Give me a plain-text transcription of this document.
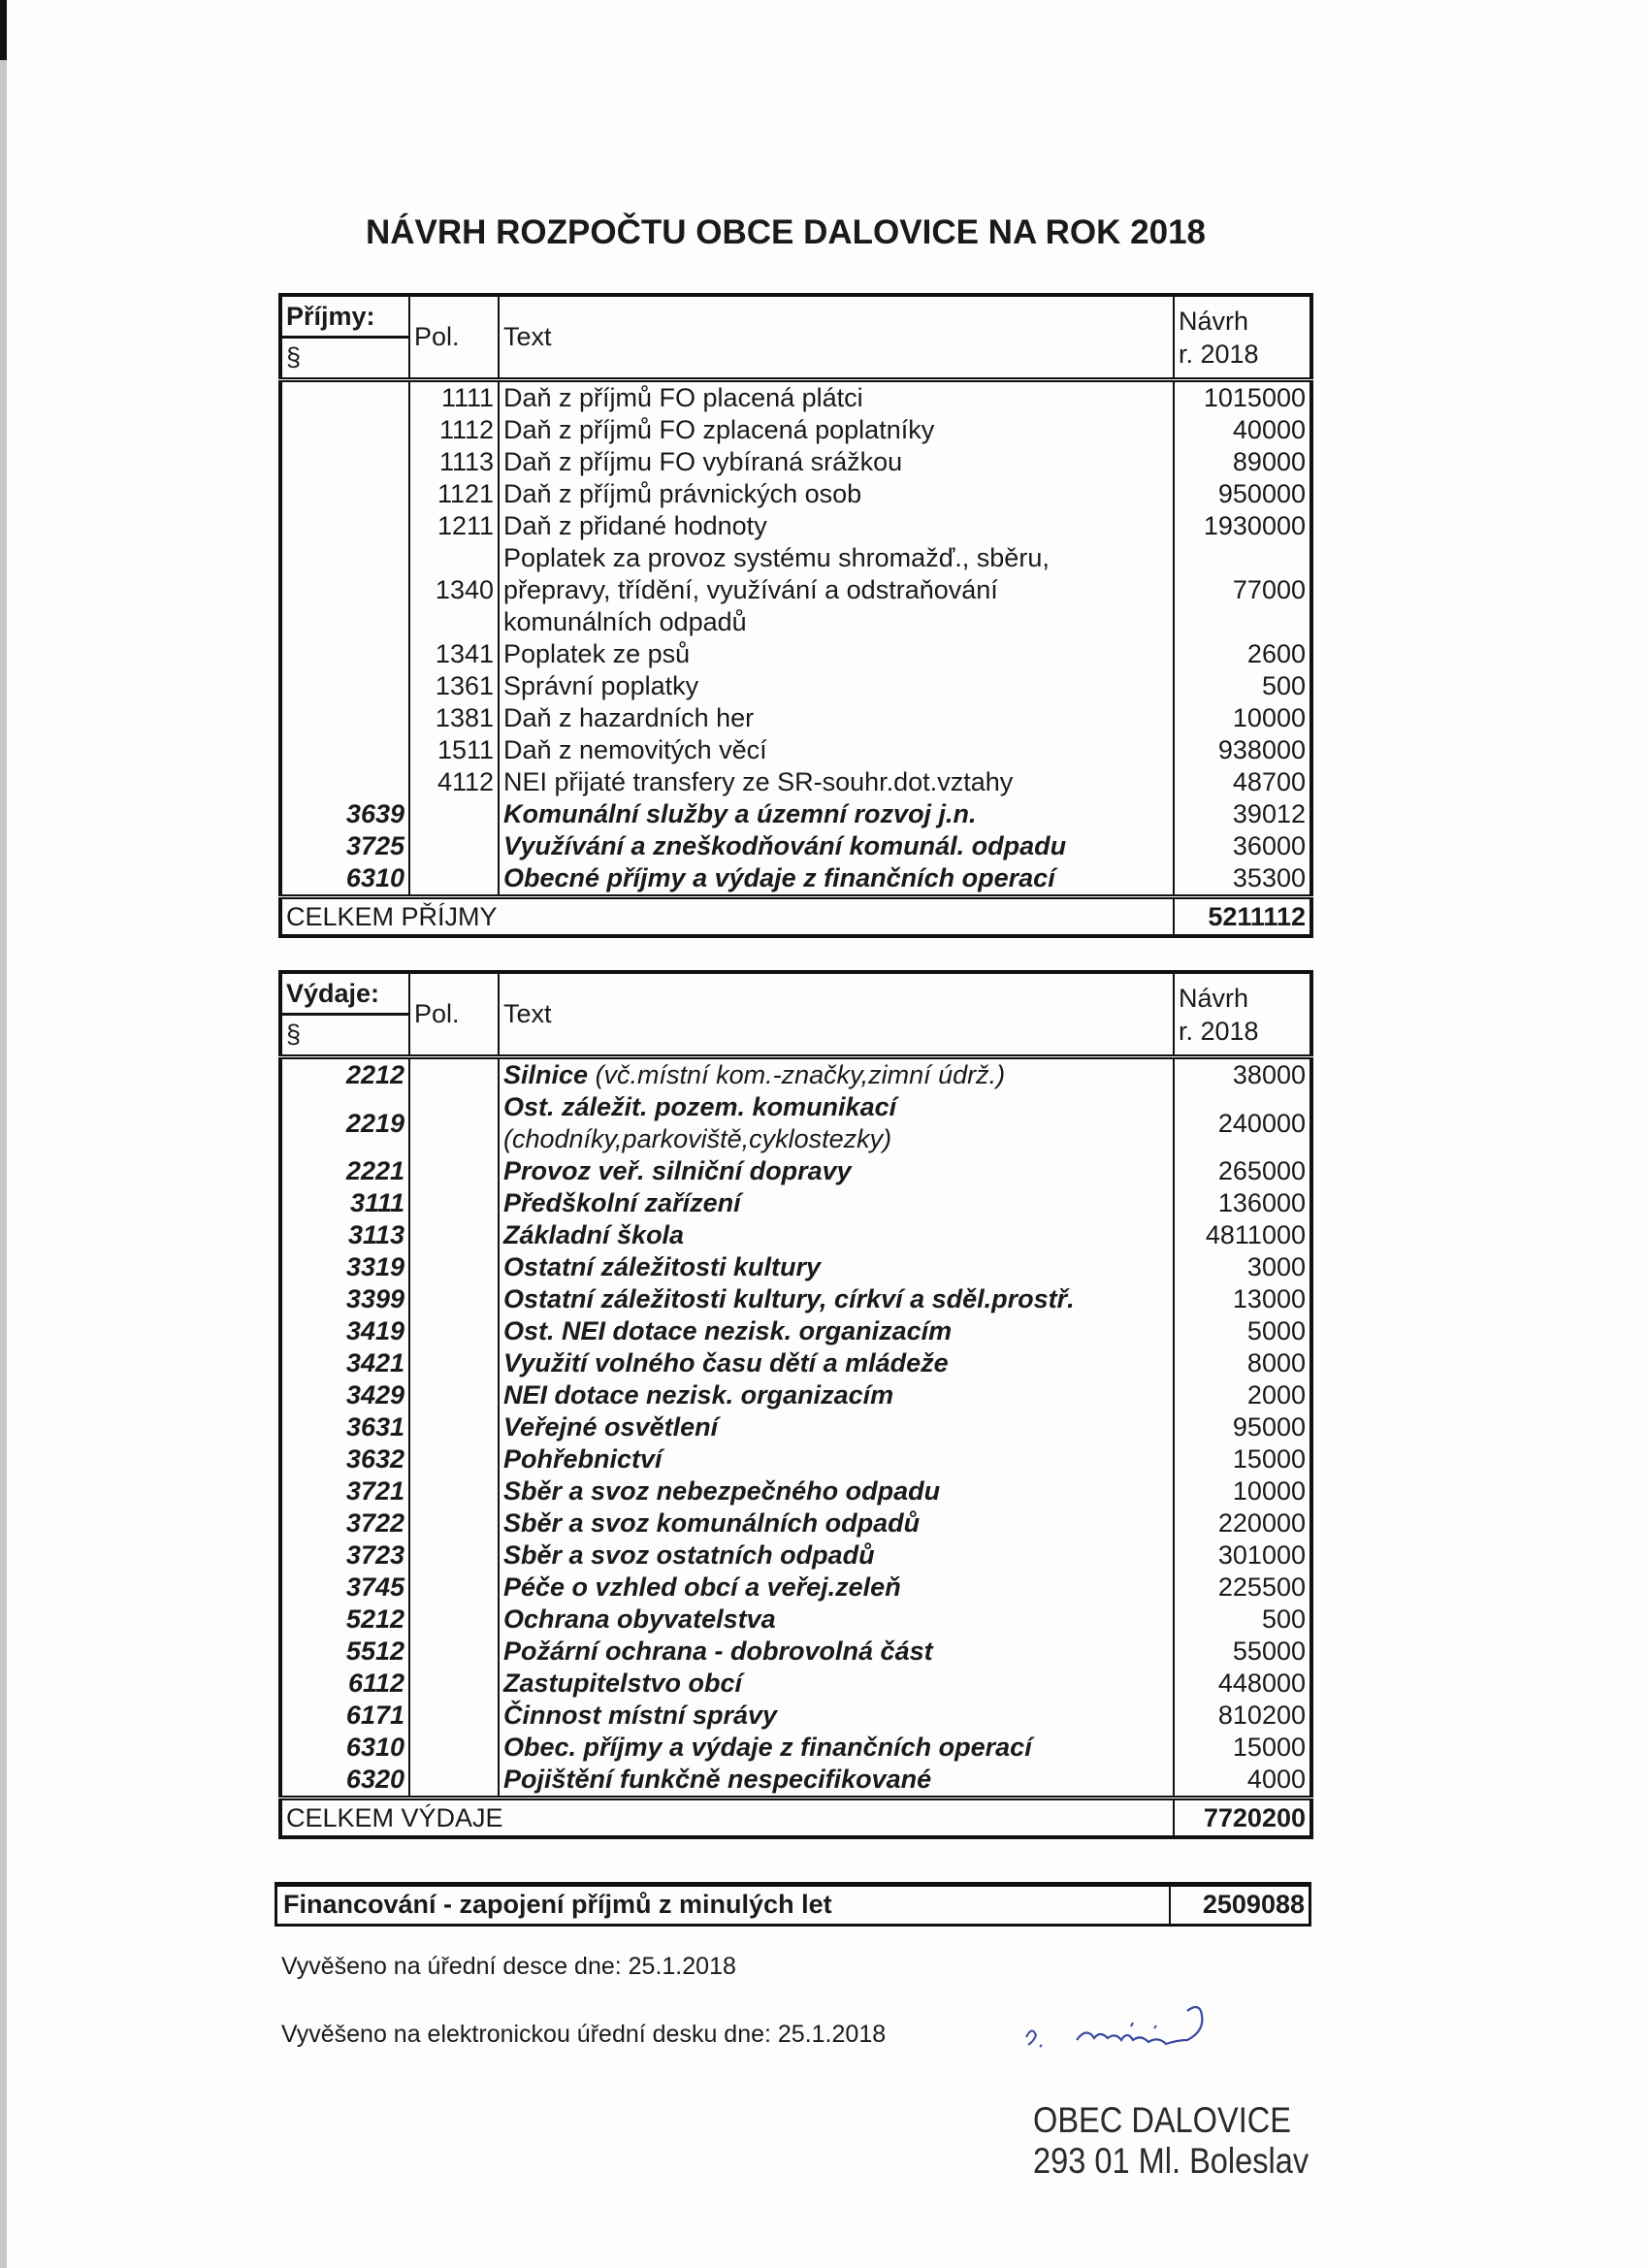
NÁVRH ROZPOČTU OBCE DALOVICE NA ROK 2018
Příjmy:
§
	Pol.	Text	
Návrh
r. 2018

	1111	Daň z příjmů FO placená plátci	1015000
	1112	Daň z příjmů FO zplacená poplatníky	40000
	1113	Daň z příjmu FO vybíraná srážkou	89000
	1121	Daň z příjmů právnických osob	950000
	1211	Daň z přidané hodnoty	1930000
	1340	Poplatek za provoz systému shromažď., sběru,
přepravy, třídění, využívání a odstraňování
komunálních odpadů	77000
	1341	Poplatek ze psů	2600
	1361	Správní poplatky	500
	1381	Daň z hazardních her	10000
	1511	Daň z nemovitých věcí	938000
	4112	NEI přijaté transfery ze SR-souhr.dot.vztahy	48700
3639		Komunální služby a územní rozvoj j.n.	39012
3725		Využívání a zneškodňování komunál. odpadu	36000
6310		Obecné příjmy a výdaje z finančních operací	35300
CELKEM PŘÍJMY			5211112
Výdaje:
§
	Pol.	Text	
Návrh
r. 2018

2212		Silnice (vč.místní kom.-značky,zimní údrž.)	38000
2219		Ost. záležit. pozem. komunikací
(chodníky,parkoviště,cyklostezky)	240000
2221		Provoz veř. silniční dopravy	265000
3111		Předškolní zařízení	136000
3113		Základní škola	4811000
3319		Ostatní záležitosti kultury	3000
3399		Ostatní záležitosti kultury, církví a sděl.prostř.	13000
3419		Ost. NEI dotace nezisk. organizacím	5000
3421		Využití volného času dětí a mládeže	8000
3429		NEI dotace nezisk. organizacím	2000
3631		Veřejné osvětlení	95000
3632		Pohřebnictví	15000
3721		Sběr a svoz nebezpečného odpadu	10000
3722		Sběr a svoz komunálních odpadů	220000
3723		Sběr a svoz ostatních odpadů	301000
3745		Péče o vzhled obcí a veřej.zeleň	225500
5212		Ochrana obyvatelstva	500
5512		Požární ochrana - dobrovolná část	55000
6112		Zastupitelstvo obcí	448000
6171		Činnost místní správy	810200
6310		Obec. příjmy a výdaje z finančních operací	15000
6320		Pojištění funkčně nespecifikované	4000
CELKEM VÝDAJE			7720200
Financování - zapojení příjmů z minulých let	2509088
Vyvěšeno na úřední desce dne: 25.1.2018
Vyvěšeno na elektronickou úřední desku dne: 25.1.2018
OBEC DALOVICE
293 01 Ml. Boleslav
